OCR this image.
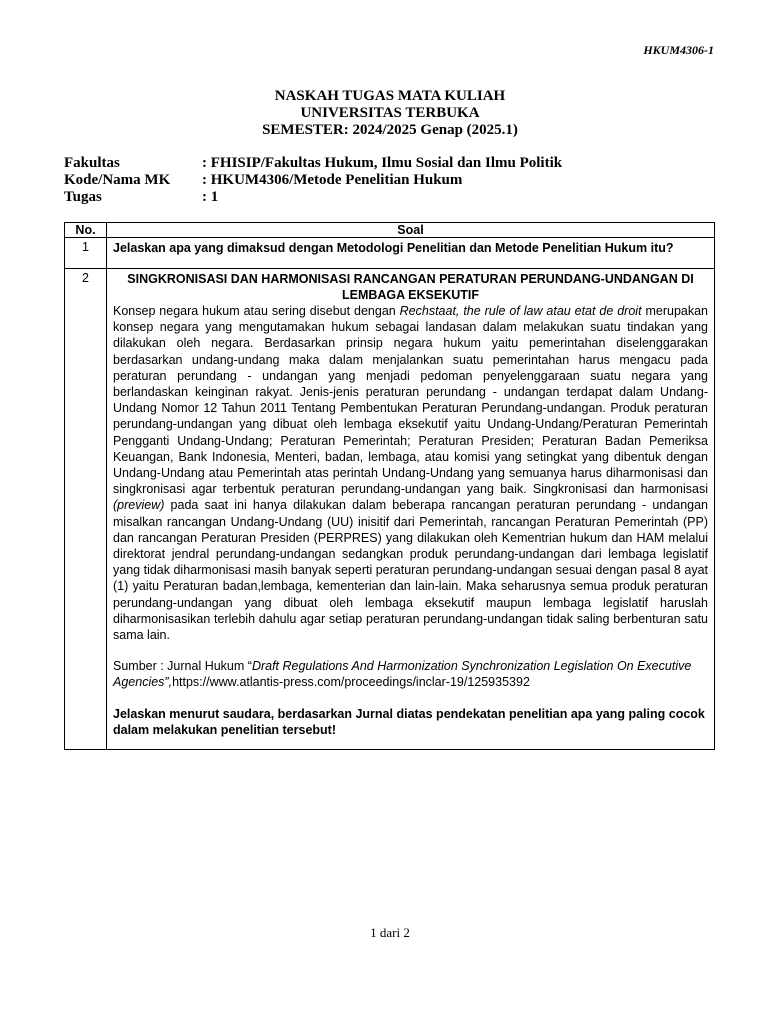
HKUM4306-1
NASKAH TUGAS MATA KULIAH
UNIVERSITAS TERBUKA
SEMESTER: 2024/2025 Genap (2025.1)
Fakultas	: FHISIP/Fakultas Hukum, Ilmu Sosial dan Ilmu Politik
Kode/Nama MK	: HKUM4306/Metode Penelitian Hukum
Tugas	: 1
No.	Soal
1	Jelaskan apa yang dimaksud dengan Metodologi Penelitian dan Metode Penelitian Hukum itu?
2	SINGKRONISASI DAN HARMONISASI RANCANGAN PERATURAN PERUNDANG-UNDANGAN DI LEMBAGA EKSEKUTIF

Konsep negara hukum atau sering disebut dengan Rechstaat, the rule of law atau etat de droit merupakan konsep negara yang mengutamakan hukum sebagai landasan dalam melakukan suatu tindakan yang dilakukan oleh negara. Berdasarkan prinsip negara hukum yaitu pemerintahan diselenggarakan berdasarkan undang-undang maka dalam menjalankan suatu pemerintahan harus mengacu pada peraturan perundang - undangan yang menjadi pedoman penyelenggaraan suatu negara yang berlandaskan keinginan rakyat. Jenis-jenis peraturan perundang - undangan terdapat dalam Undang-Undang Nomor 12 Tahun 2011 Tentang Pembentukan Peraturan Perundang-undangan. Produk peraturan perundang-undangan yang dibuat oleh lembaga eksekutif yaitu Undang-Undang/Peraturan Pemerintah Pengganti Undang-Undang; Peraturan Pemerintah; Peraturan Presiden; Peraturan Badan Pemeriksa Keuangan, Bank Indonesia, Menteri, badan, lembaga, atau komisi yang setingkat yang dibentuk dengan Undang-Undang atau Pemerintah atas perintah Undang-Undang yang semuanya harus diharmonisasi dan singkronisasi agar terbentuk peraturan perundang-undangan yang baik. Singkronisasi dan harmonisasi (preview) pada saat ini hanya dilakukan dalam beberapa rancangan peraturan perundang - undangan misalkan rancangan Undang-Undang (UU) inisitif dari Pemerintah, rancangan Peraturan Pemerintah (PP) dan rancangan Peraturan Presiden (PERPRES) yang dilakukan oleh Kementrian hukum dan HAM melalui direktorat jendral perundang-undangan sedangkan produk perundang-undangan dari lembaga legislatif yang tidak diharmonisasi masih banyak seperti peraturan perundang-undangan sesuai dengan pasal 8 ayat (1) yaitu Peraturan badan,lembaga, kementerian dan lain-lain. Maka seharusnya semua produk peraturan perundang-undangan yang dibuat oleh lembaga eksekutif maupun lembaga legislatif haruslah diharmonisasikan terlebih dahulu agar setiap peraturan perundang-undangan tidak saling berbenturan satu sama lain.

Sumber : Jurnal Hukum “Draft Regulations And Harmonization Synchronization Legislation On Executive Agencies”,https://www.atlantis-press.com/proceedings/inclar-19/125935392

Jelaskan menurut saudara, berdasarkan Jurnal diatas pendekatan penelitian apa yang paling cocok dalam melakukan penelitian tersebut!

1 dari 2
